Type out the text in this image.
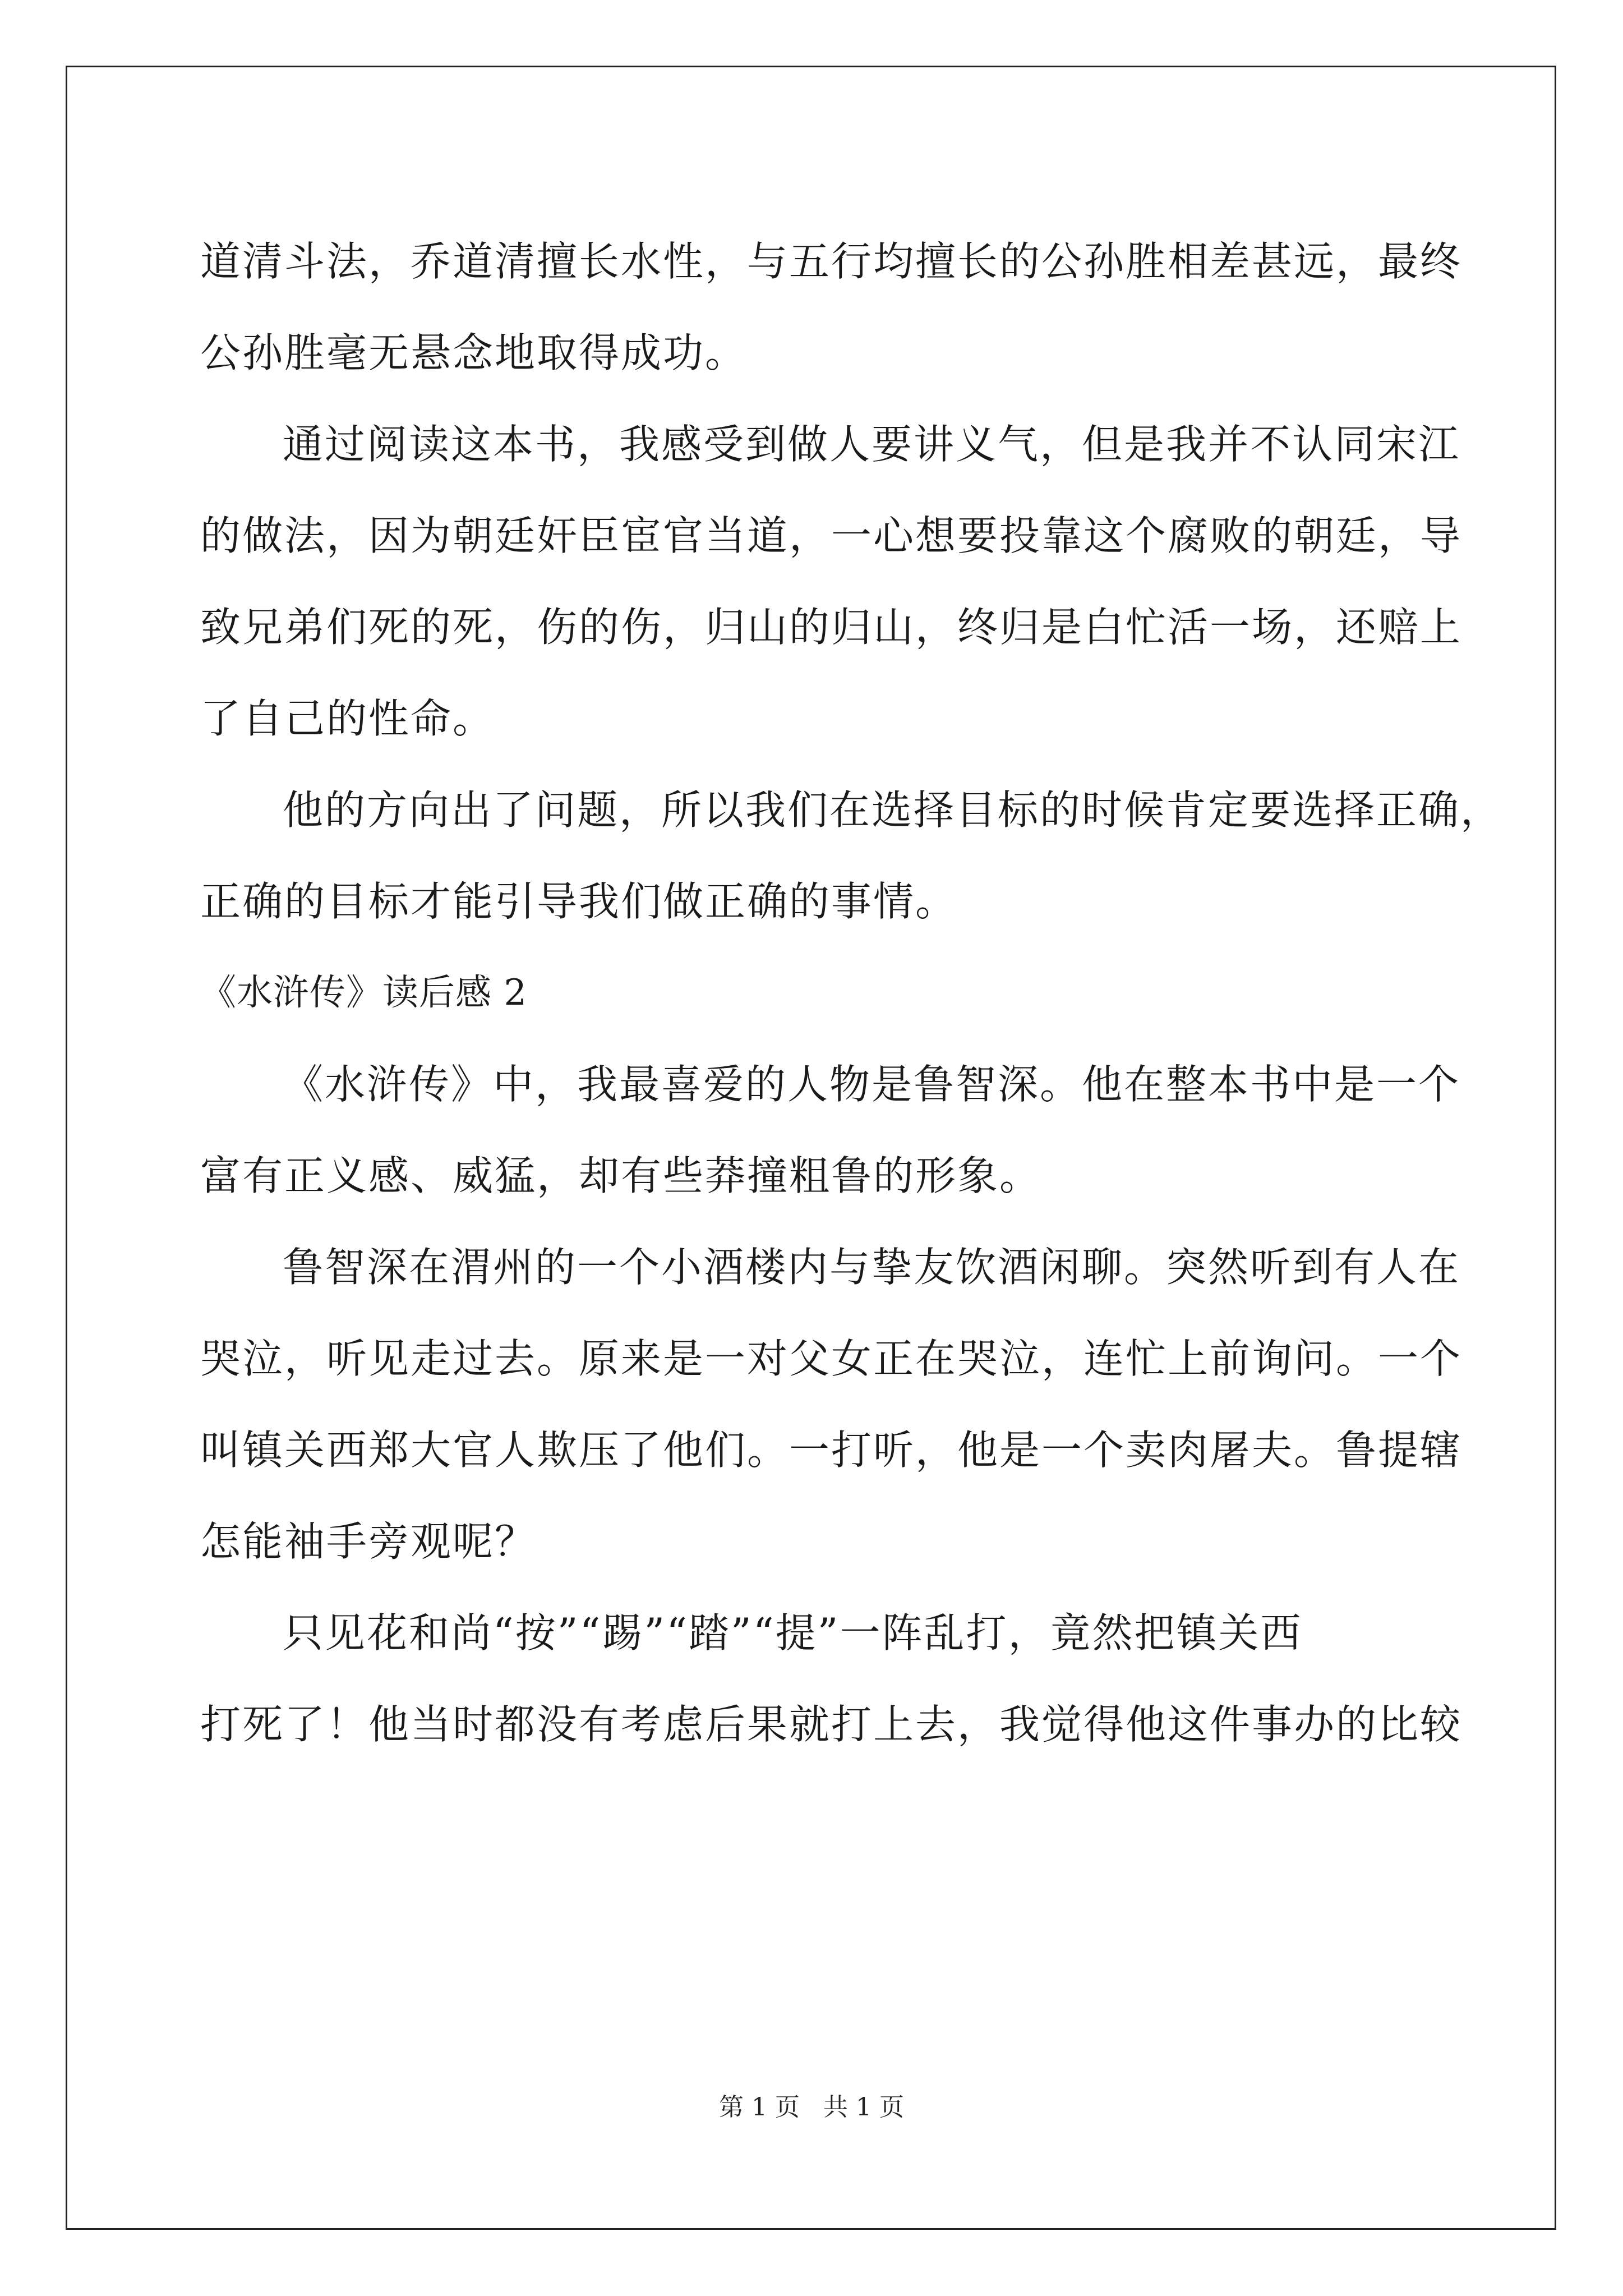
道清斗法，乔道清擅长水性，与五行均擅长的公孙胜相差甚远，最终

公孙胜毫无悬念地取得成功。

通过阅读这本书，我感受到做人要讲义气，但是我并不认同宋江

的做法，因为朝廷奸臣宦官当道，一心想要投靠这个腐败的朝廷，导

致兄弟们死的死，伤的伤，归山的归山，终归是白忙活一场，还赔上

了自己的性命。

他的方向出了问题，所以我们在选择目标的时候肯定要选择正确，

正确的目标才能引导我们做正确的事情。

《水浒传》读后感 2

《水浒传》中，我最喜爱的人物是鲁智深。他在整本书中是一个

富有正义感、威猛，却有些莽撞粗鲁的形象。

鲁智深在渭州的一个小酒楼内与挚友饮酒闲聊。突然听到有人在

哭泣，听见走过去。原来是一对父女正在哭泣，连忙上前询问。一个

叫镇关西郑大官人欺压了他们。一打听，他是一个卖肉屠夫。鲁提辖

怎能袖手旁观呢？

只见花和尚“按”“踢”“踏”“提”一阵乱打，竟然把镇关西

打死了！他当时都没有考虑后果就打上去，我觉得他这件事办的比较

第 1 页   共 1 页
